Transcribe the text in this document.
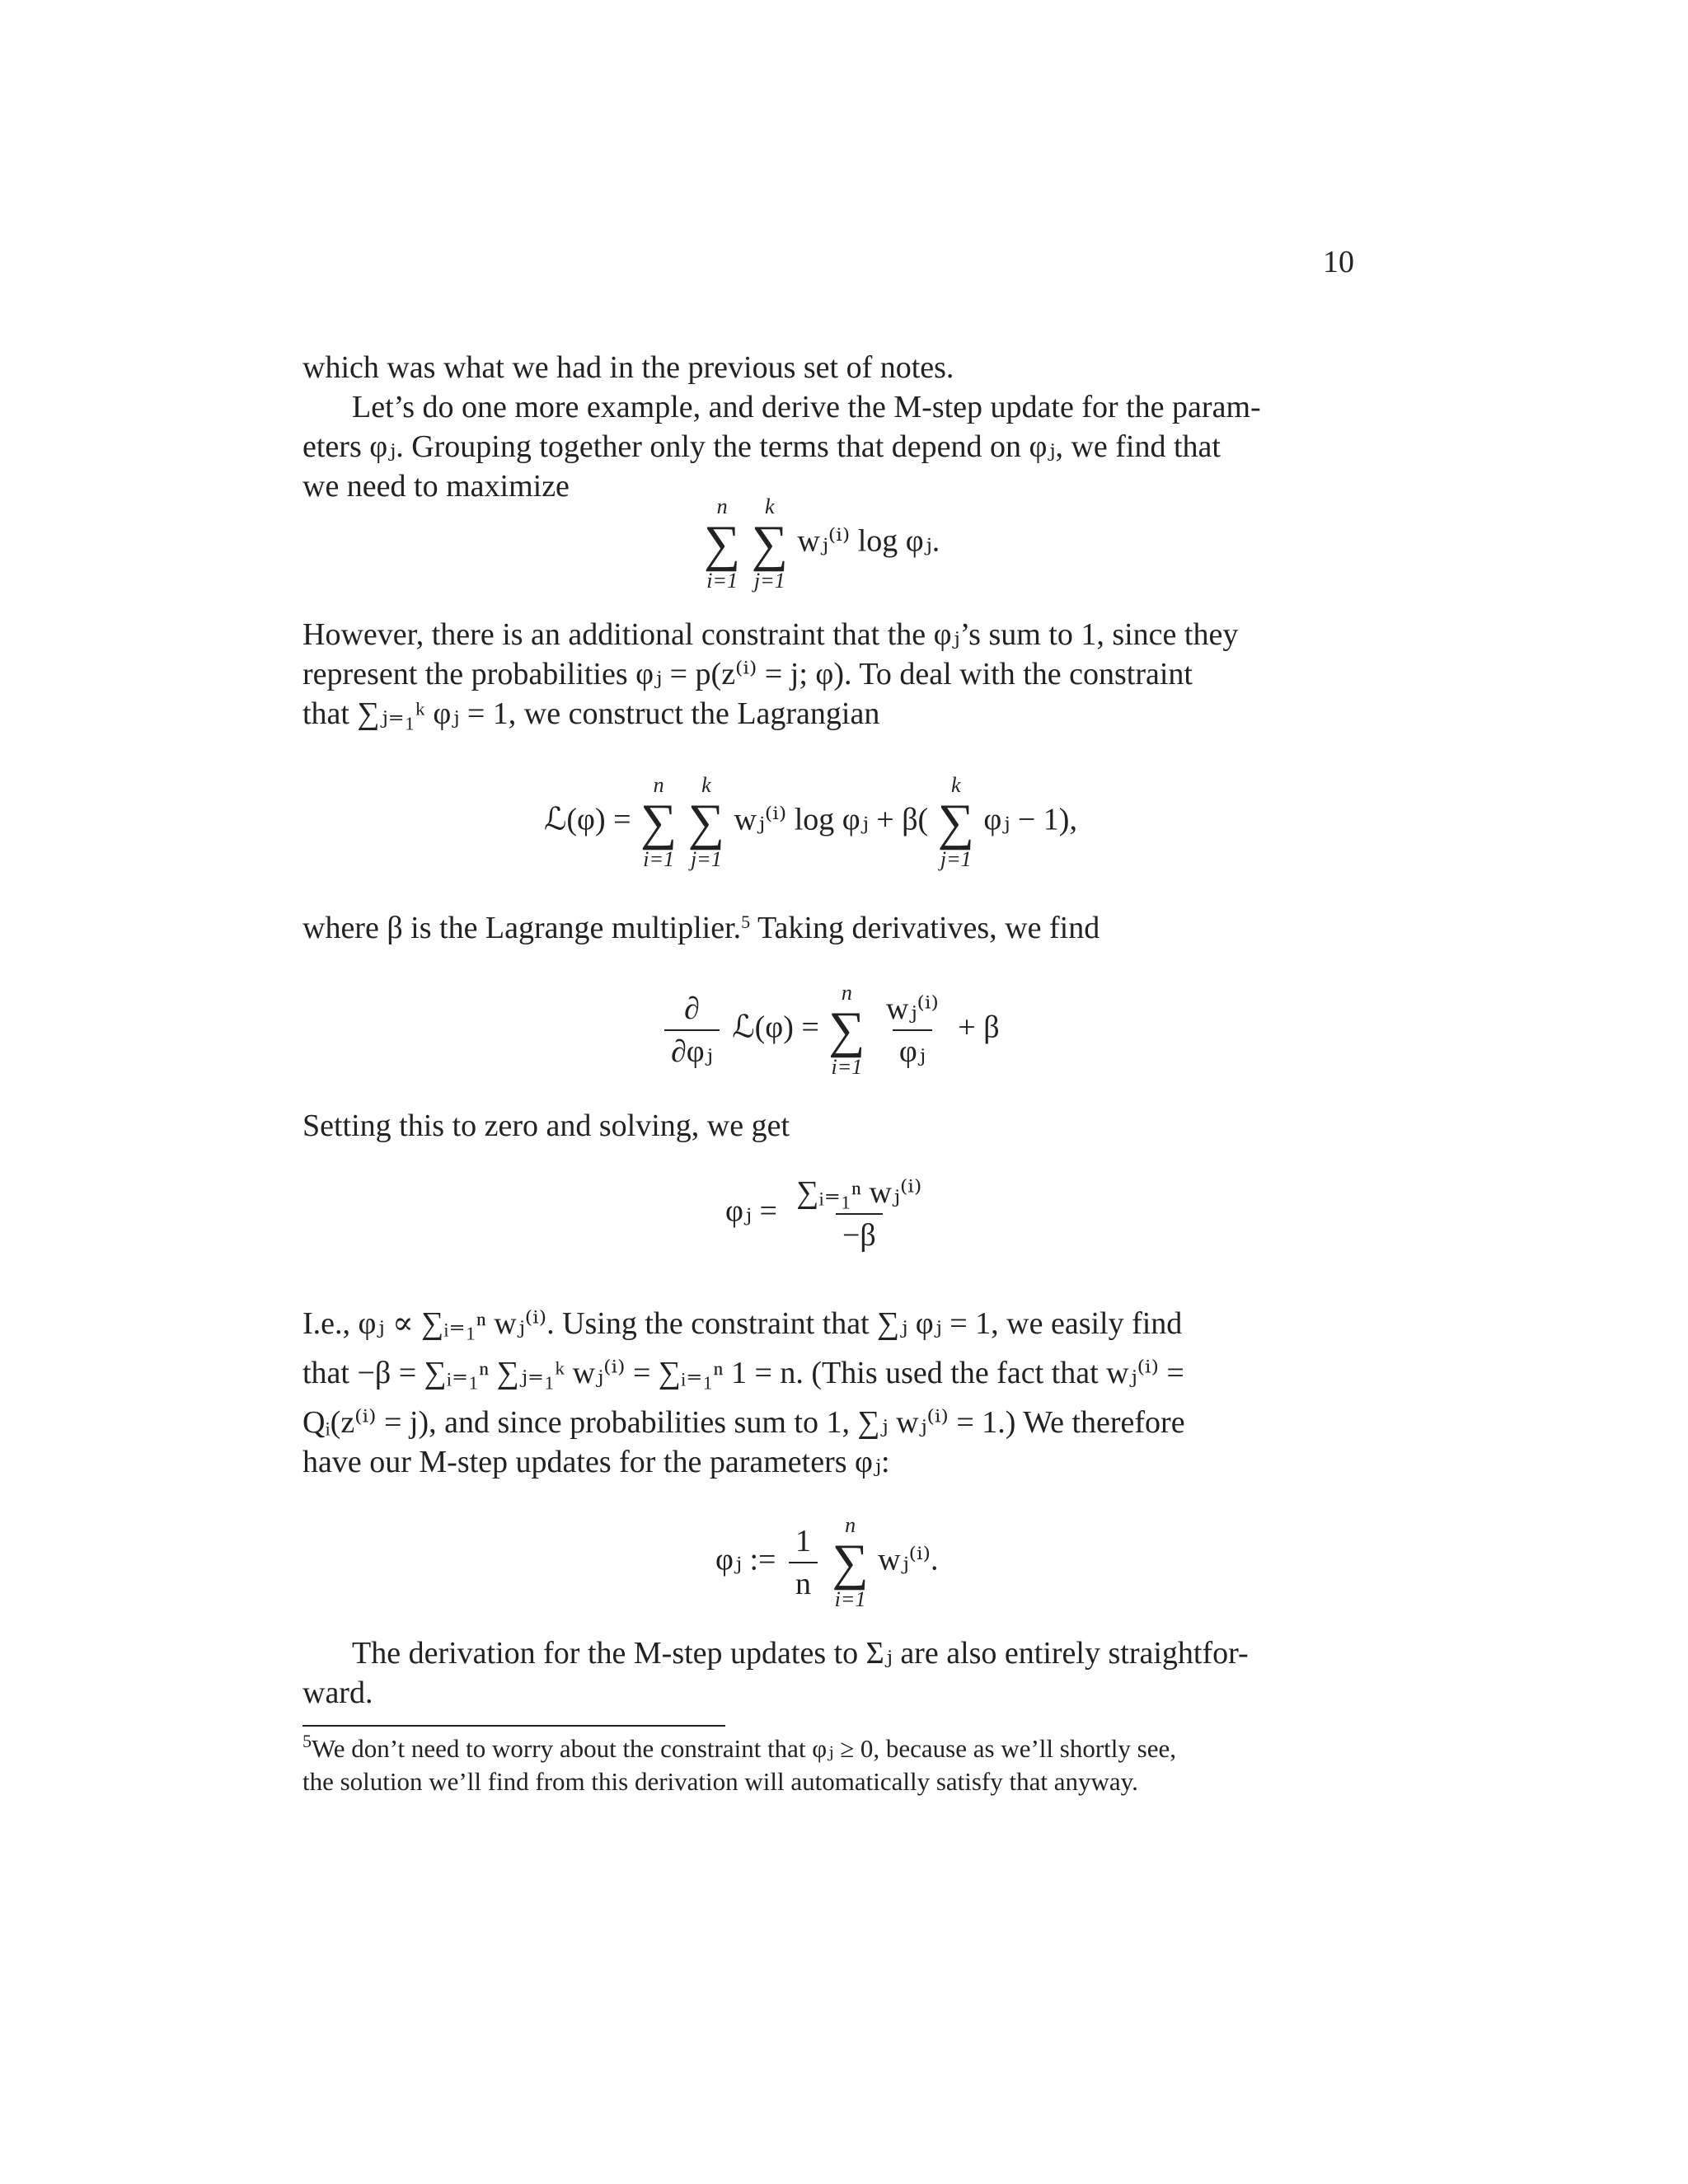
10
which was what we had in the previous set of notes.
Let’s do one more example, and derive the M-step update for the param-
eters φⱼ. Grouping together only the terms that depend on φⱼ, we find that
we need to maximize
n
∑
i=1

k
∑
j=1
wⱼ⁽ⁱ⁾ log φⱼ.
However, there is an additional constraint that the φⱼ’s sum to 1, since they
represent the probabilities φⱼ = p(z⁽ⁱ⁾ = j; φ). To deal with the constraint
that ∑ⱼ₌₁ᵏ φⱼ = 1, we construct the Lagrangian
ℒ(φ) =
n
∑
i=1

k
∑
j=1
wⱼ⁽ⁱ⁾ log φⱼ + β(
k
∑
j=1
φⱼ − 1),
where β is the Lagrange multiplier.$^5$ Taking derivatives, we find
$\frac{\partial}{\text{∂φⱼ}}$ ℒ(φ) =
n
∑
i=1
$\frac{\text{wⱼ⁽ⁱ⁾}}{\text{φⱼ}} + \beta$
Setting this to zero and solving, we get
φⱼ = $\frac{\text{∑ᵢ₌₁ⁿ wⱼ⁽ⁱ⁾}}{-\beta}$
I.e., φⱼ ∝ ∑ᵢ₌₁ⁿ wⱼ⁽ⁱ⁾. Using the constraint that ∑ⱼ φⱼ = 1, we easily find
that −β = ∑ᵢ₌₁ⁿ ∑ⱼ₌₁ᵏ wⱼ⁽ⁱ⁾ = ∑ᵢ₌₁ⁿ 1 = n. (This used the fact that wⱼ⁽ⁱ⁾ =
Qᵢ(z⁽ⁱ⁾ = j), and since probabilities sum to 1, ∑ⱼ wⱼ⁽ⁱ⁾ = 1.) We therefore
have our M-step updates for the parameters φⱼ:
φⱼ := $\frac{1}{n}$

n
∑
i=1
wⱼ⁽ⁱ⁾.
The derivation for the M-step updates to Σⱼ are also entirely straightfor-
ward.
$^5$We don’t need to worry about the constraint that φⱼ ≥ 0, because as we’ll shortly see,
the solution we’ll find from this derivation will automatically satisfy that anyway.
